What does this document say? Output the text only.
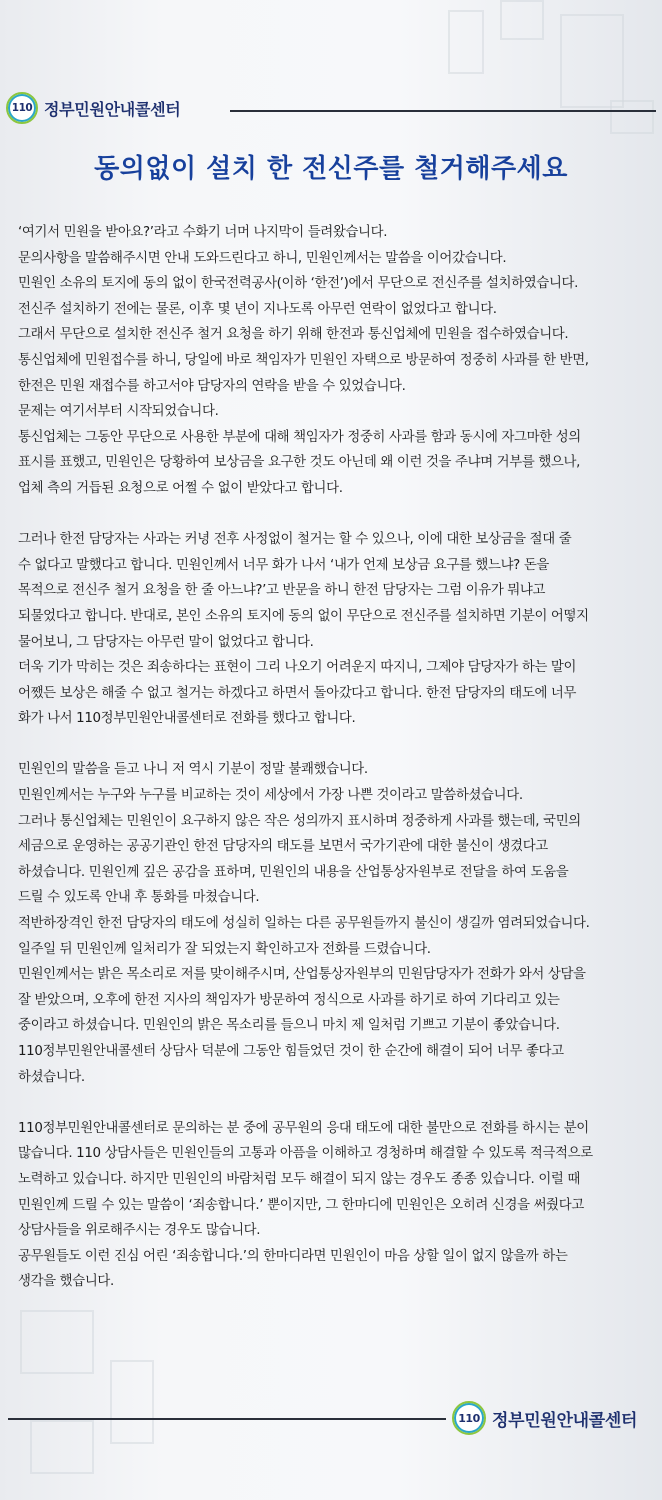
110 정부민원안내콜센터
동의없이 설치 한 전신주를 철거해주세요
‘여기서 민원을 받아요?’라고 수화기 너머 나지막이 들려왔습니다.
문의사항을 말씀해주시면 안내 도와드린다고 하니, 민원인께서는 말씀을 이어갔습니다.
민원인 소유의 토지에 동의 없이 한국전력공사(이하 ‘한전’)에서 무단으로 전신주를 설치하였습니다.
전신주 설치하기 전에는 물론, 이후 몇 년이 지나도록 아무런 연락이 없었다고 합니다.
그래서 무단으로 설치한 전신주 철거 요청을 하기 위해 한전과 통신업체에 민원을 접수하였습니다.
통신업체에 민원접수를 하니, 당일에 바로 책임자가 민원인 자택으로 방문하여 정중히 사과를 한 반면,
한전은 민원 재접수를 하고서야 담당자의 연락을 받을 수 있었습니다.
문제는 여기서부터 시작되었습니다.
통신업체는 그동안 무단으로 사용한 부분에 대해 책임자가 정중히 사과를 함과 동시에 자그마한 성의
표시를 표했고, 민원인은 당황하여 보상금을 요구한 것도 아닌데 왜 이런 것을 주냐며 거부를 했으나,
업체 측의 거듭된 요청으로 어쩔 수 없이 받았다고 합니다.
그러나 한전 담당자는 사과는 커녕 전후 사정없이 철거는 할 수 있으나, 이에 대한 보상금을 절대 줄
수 없다고 말했다고 합니다. 민원인께서 너무 화가 나서 ‘내가 언제 보상금 요구를 했느냐? 돈을
목적으로 전신주 철거 요청을 한 줄 아느냐?’고 반문을 하니 한전 담당자는 그럼 이유가 뭐냐고
되물었다고 합니다. 반대로, 본인 소유의 토지에 동의 없이 무단으로 전신주를 설치하면 기분이 어떻지
물어보니, 그 담당자는 아무런 말이 없었다고 합니다.
더욱 기가 막히는 것은 죄송하다는 표현이 그리 나오기 어려운지 따지니, 그제야 담당자가 하는 말이
어쨌든 보상은 해줄 수 없고 철거는 하겠다고 하면서 돌아갔다고 합니다. 한전 담당자의 태도에 너무
화가 나서 110정부민원안내콜센터로 전화를 했다고 합니다.
민원인의 말씀을 듣고 나니 저 역시 기분이 정말 불쾌했습니다.
민원인께서는 누구와 누구를 비교하는 것이 세상에서 가장 나쁜 것이라고 말씀하셨습니다.
그러나 통신업체는 민원인이 요구하지 않은 작은 성의까지 표시하며 정중하게 사과를 했는데, 국민의
세금으로 운영하는 공공기관인 한전 담당자의 태도를 보면서 국가기관에 대한 불신이 생겼다고
하셨습니다. 민원인께 깊은 공감을 표하며, 민원인의 내용을 산업통상자원부로 전달을 하여 도움을
드릴 수 있도록 안내 후 통화를 마쳤습니다.
적반하장격인 한전 담당자의 태도에 성실히 일하는 다른 공무원들까지 불신이 생길까 염려되었습니다.
일주일 뒤 민원인께 일처리가 잘 되었는지 확인하고자 전화를 드렸습니다.
민원인께서는 밝은 목소리로 저를 맞이해주시며, 산업통상자원부의 민원담당자가 전화가 와서 상담을
잘 받았으며, 오후에 한전 지사의 책임자가 방문하여 정식으로 사과를 하기로 하여 기다리고 있는
중이라고 하셨습니다. 민원인의 밝은 목소리를 들으니 마치 제 일처럼 기쁘고 기분이 좋았습니다.
110정부민원안내콜센터 상담사 덕분에 그동안 힘들었던 것이 한 순간에 해결이 되어 너무 좋다고
하셨습니다.
110정부민원안내콜센터로 문의하는 분 중에 공무원의 응대 태도에 대한 불만으로 전화를 하시는 분이
많습니다. 110 상담사들은 민원인들의 고통과 아픔을 이해하고 경청하며 해결할 수 있도록 적극적으로
노력하고 있습니다. 하지만 민원인의 바람처럼 모두 해결이 되지 않는 경우도 종종 있습니다. 이럴 때
민원인께 드릴 수 있는 말씀이 ‘죄송합니다.’ 뿐이지만, 그 한마디에 민원인은 오히려 신경을 써줬다고
상담사들을 위로해주시는 경우도 많습니다.
공무원들도 이런 진심 어린 ‘죄송합니다.’의 한마디라면 민원인이 마음 상할 일이 없지 않을까 하는
생각을 했습니다.
110 정부민원안내콜센터
